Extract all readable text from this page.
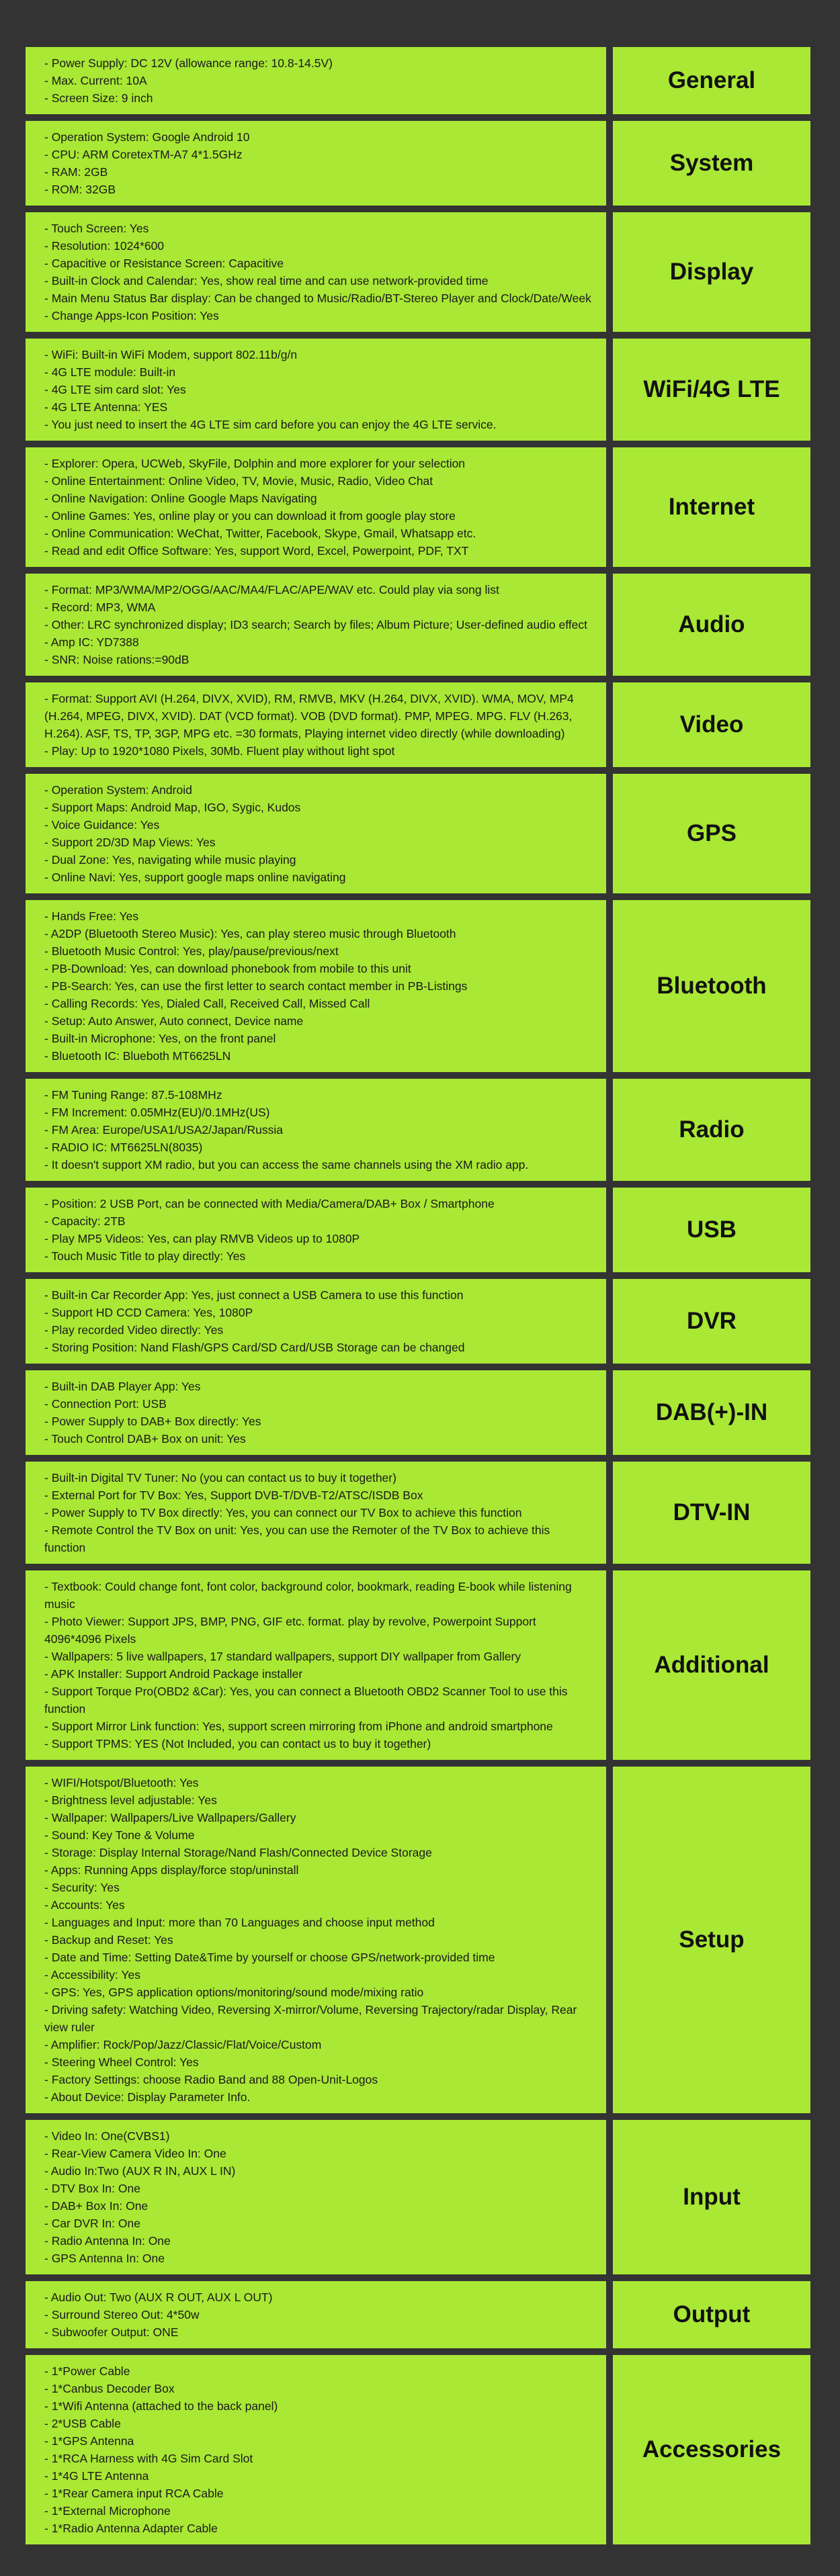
- Power Supply: DC 12V (allowance range: 10.8-14.5V)
- Max. Current: 10A
- Screen Size: 9 inch
General
- Operation System: Google Android 10
- CPU: ARM CoretexTM-A7 4*1.5GHz
- RAM: 2GB
- ROM: 32GB
System
- Touch Screen: Yes
- Resolution: 1024*600
- Capacitive or Resistance Screen: Capacitive
- Built-in Clock and Calendar: Yes, show real time and can use network-provided time
- Main Menu Status Bar display: Can be changed to Music/Radio/BT-Stereo Player and Clock/Date/Week
- Change Apps-Icon Position: Yes
Display
- WiFi: Built-in WiFi Modem, support 802.11b/g/n
- 4G LTE module: Built-in
- 4G LTE sim card slot: Yes
- 4G LTE Antenna: YES
- You just need to insert the 4G LTE sim card before you can enjoy the 4G LTE service.
WiFi/4G LTE
- Explorer: Opera, UCWeb, SkyFile, Dolphin and more explorer for your selection
- Online Entertainment: Online Video, TV, Movie, Music, Radio, Video Chat
- Online Navigation: Online Google Maps Navigating
- Online Games: Yes, online play or you can download it from google play store
- Online Communication: WeChat, Twitter, Facebook, Skype, Gmail, Whatsapp etc.
- Read and edit Office Software: Yes, support Word, Excel, Powerpoint, PDF, TXT
Internet
- Format: MP3/WMA/MP2/OGG/AAC/MA4/FLAC/APE/WAV etc. Could play via song list
- Record: MP3, WMA
- Other: LRC synchronized display; ID3 search; Search by files; Album Picture; User-defined audio effect
- Amp IC: YD7388
- SNR: Noise rations:=90dB
Audio
- Format: Support AVI (H.264, DIVX, XVID), RM, RMVB, MKV (H.264, DIVX, XVID). WMA, MOV, MP4 (H.264, MPEG, DIVX, XVID). DAT (VCD format). VOB (DVD format). PMP, MPEG. MPG. FLV (H.263, H.264). ASF, TS, TP, 3GP, MPG etc. =30 formats, Playing internet video directly (while downloading)
- Play: Up to 1920*1080 Pixels, 30Mb. Fluent play without light spot
Video
- Operation System: Android
- Support Maps: Android Map, IGO, Sygic, Kudos
- Voice Guidance: Yes
- Support 2D/3D Map Views: Yes
- Dual Zone: Yes, navigating while music playing
- Online Navi: Yes, support google maps online navigating
GPS
- Hands Free: Yes
- A2DP (Bluetooth Stereo Music): Yes, can play stereo music through Bluetooth
- Bluetooth Music Control: Yes, play/pause/previous/next
- PB-Download: Yes, can download phonebook from mobile to this unit
- PB-Search: Yes, can use the first letter to search contact member in PB-Listings
- Calling Records: Yes, Dialed Call, Received Call, Missed Call
- Setup: Auto Answer, Auto connect, Device name
- Built-in Microphone: Yes, on the front panel
- Bluetooth IC: Blueboth MT6625LN
Bluetooth
- FM Tuning Range: 87.5-108MHz
- FM Increment: 0.05MHz(EU)/0.1MHz(US)
- FM Area: Europe/USA1/USA2/Japan/Russia
- RADIO IC: MT6625LN(8035)
- It doesn't support XM radio, but you can access the same channels using the XM radio app.
Radio
- Position: 2 USB Port, can be connected with Media/Camera/DAB+ Box / Smartphone
- Capacity: 2TB
- Play MP5 Videos: Yes, can play RMVB Videos up to 1080P
- Touch Music Title to play directly: Yes
USB
- Built-in Car Recorder App: Yes, just connect a USB Camera to use this function
- Support HD CCD Camera: Yes, 1080P
- Play recorded Video directly: Yes
- Storing Position: Nand Flash/GPS Card/SD Card/USB Storage can be changed
DVR
- Built-in DAB Player App: Yes
- Connection Port: USB
- Power Supply to DAB+ Box directly: Yes
- Touch Control DAB+ Box on unit: Yes
DAB(+)-IN
- Built-in Digital TV Tuner: No (you can contact us to buy it together)
- External Port for TV Box: Yes, Support DVB-T/DVB-T2/ATSC/ISDB Box
- Power Supply to TV Box directly: Yes, you can connect our TV Box to achieve this function
- Remote Control the TV Box on unit: Yes, you can use the Remoter of the TV Box to achieve this function
DTV-IN
- Textbook: Could change font, font color, background color, bookmark, reading E-book while listening music
- Photo Viewer: Support JPS, BMP, PNG, GIF etc. format. play by revolve, Powerpoint Support 4096*4096 Pixels
- Wallpapers: 5 live wallpapers, 17 standard wallpapers, support DIY wallpaper from Gallery
- APK Installer: Support Android Package installer
- Support Torque Pro(OBD2 &Car): Yes, you can connect a Bluetooth OBD2 Scanner Tool to use this function
- Support Mirror Link function: Yes, support screen mirroring from iPhone and android smartphone
- Support TPMS: YES (Not Included, you can contact us to buy it together)
Additional
- WIFI/Hotspot/Bluetooth: Yes
- Brightness level adjustable: Yes
- Wallpaper: Wallpapers/Live Wallpapers/Gallery
- Sound: Key Tone & Volume
- Storage: Display Internal Storage/Nand Flash/Connected Device Storage
- Apps: Running Apps display/force stop/uninstall
- Security: Yes
- Accounts: Yes
- Languages and Input: more than 70 Languages and choose input method
- Backup and Reset: Yes
- Date and Time: Setting Date&Time by yourself or choose GPS/network-provided time
- Accessibility: Yes
- GPS: Yes, GPS application options/monitoring/sound mode/mixing ratio
- Driving safety: Watching Video, Reversing X-mirror/Volume, Reversing Trajectory/radar Display, Rear view ruler
- Amplifier: Rock/Pop/Jazz/Classic/Flat/Voice/Custom
- Steering Wheel Control: Yes
- Factory Settings: choose Radio Band and 88 Open-Unit-Logos
- About Device: Display Parameter Info.
Setup
- Video In: One(CVBS1)
- Rear-View Camera Video In: One
- Audio In:Two (AUX R IN, AUX L IN)
- DTV Box In: One
- DAB+ Box In: One
- Car DVR In: One
- Radio Antenna In: One
- GPS Antenna In: One
Input
- Audio Out: Two (AUX R OUT, AUX L OUT)
- Surround Stereo Out: 4*50w
- Subwoofer Output: ONE
Output
- 1*Power Cable
- 1*Canbus Decoder Box
- 1*Wifi Antenna (attached to the back panel)
- 2*USB Cable
- 1*GPS Antenna
- 1*RCA Harness with 4G Sim Card Slot
- 1*4G LTE Antenna
- 1*Rear Camera input RCA Cable
- 1*External Microphone
- 1*Radio Antenna Adapter Cable
Accessories
